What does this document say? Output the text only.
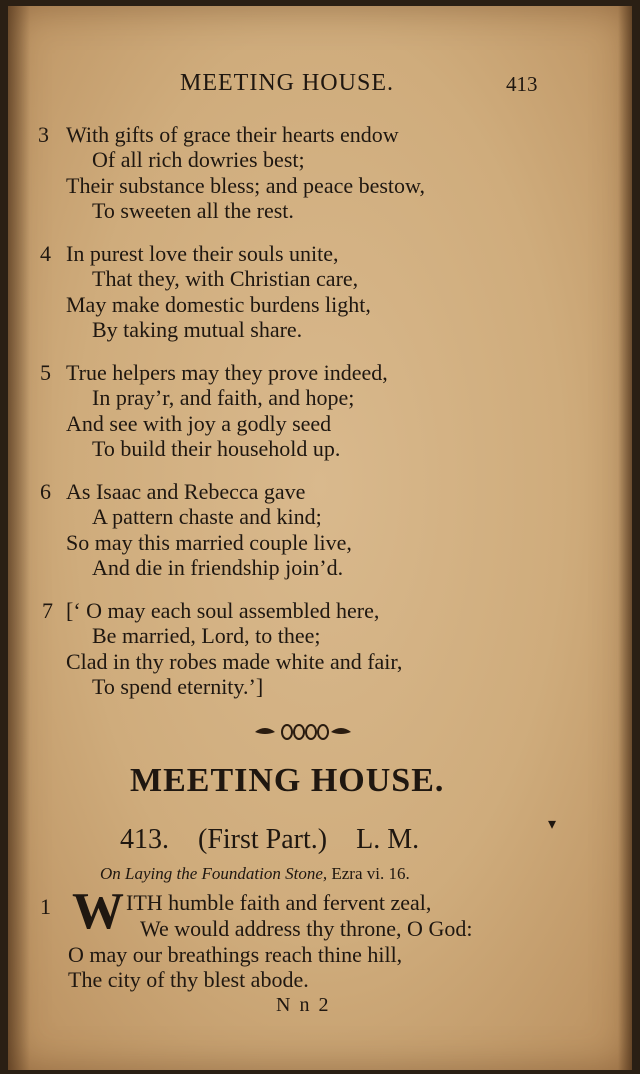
MEETING HOUSE.	413
3 With gifts of grace their hearts endow
Of all rich dowries best;
Their substance bless; and peace bestow,
To sweeten all the rest.
4 In purest love their souls unite,
That they, with Christian care,
May make domestic burdens light,
By taking mutual share.
5 True helpers may they prove indeed,
In pray’r, and faith, and hope;
And see with joy a godly seed
To build their household up.
6 As Isaac and Rebecca gave
A pattern chaste and kind;
So may this married couple live,
And die in friendship join’d.
7 [‘ O may each soul assembled here,
Be married, Lord, to thee;
Clad in thy robes made white and fair,
To spend eternity.’]
MEETING HOUSE.
413. (First Part.) L. M.	▾
On Laying the Foundation Stone, Ezra vi. 16.
1 W ITH humble faith and fervent zeal,
We would address thy throne, O God:
O may our breathings reach thine hill,
The city of thy blest abode.
N n 2
